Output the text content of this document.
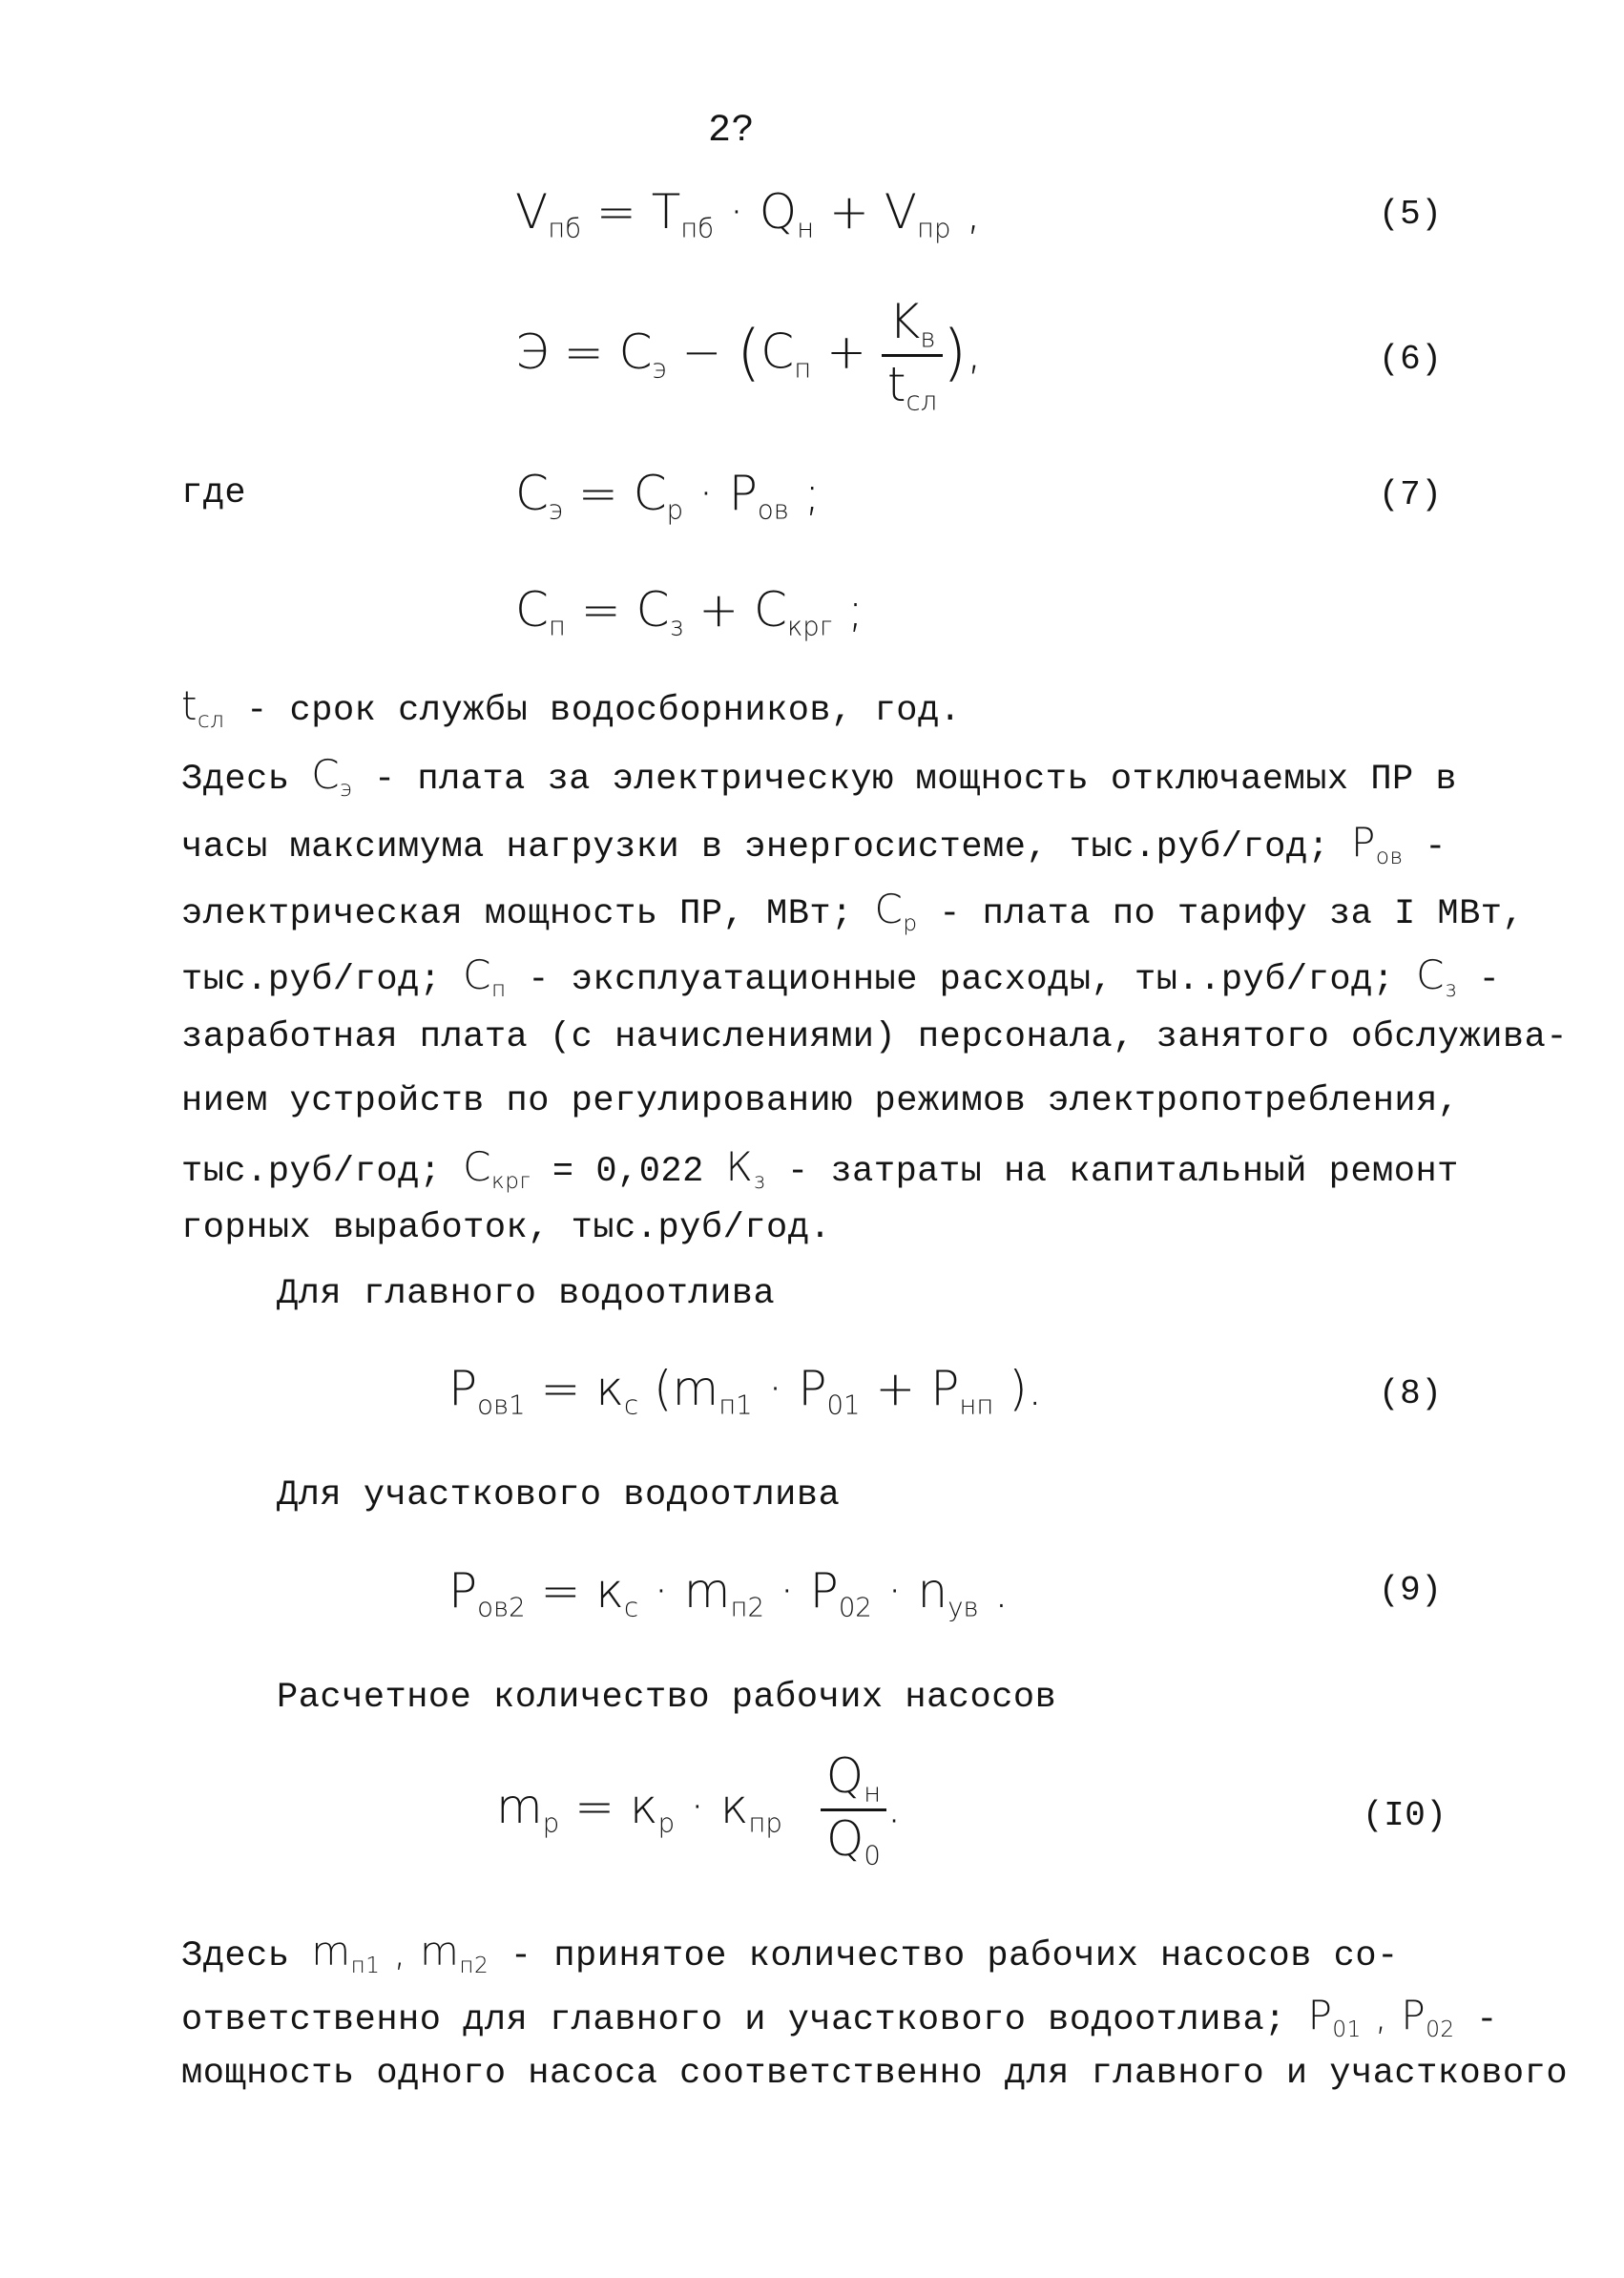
2?
$V_{пб} = T_{пб} \cdot Q_н + V_{пр}$ ,	(5)
$Э = С_э - (С_п + \frac{K_в}{t_{сл}}$ ),	(6)
где	$С_э = С_р \cdot Р_{ов}$ ;	(7)
$С_п = С_з + С_{крг}$ ;
$t_{сл}$ - срок службы водосборников, год.
Здесь $С_э$ - плата за электрическую мощность отключаемых ПР в
часы максимума нагрузки в энергосистеме, тыс.руб/год; $Р_{ов}$ -
электрическая мощность ПР, МВт; $С_р$ - плата по тарифу за I МВт,
тыс.руб/год; $С_п$ - эксплуатационные расходы, ты..руб/год; $С_з$ -
заработная плата (с начислениями) персонала, занятого обслужива-
нием устройств по регулированию режимов электропотребления,
тыс.руб/год; $С_{крг} = 0,022$ $К_з$ - затраты на капитальный ремонт
горных выработок, тыс.руб/год.
Для главного водоотлива
$Р_{ов1} = к_с$ ($m_{п1} \cdot Р_{01} + Р_{нп}$ ).	(8)
Для участкового водоотлива
$Р_{ов2} = к_с \cdot m_{п2} \cdot Р_{02} \cdot n_{ув}$ .	(9)
Расчетное количество рабочих насосов
$m_р = к_р \cdot к_{пр} \frac{Q_н}{Q_0}$ .	(I0)
Здесь $m_{п1}$ , $m_{п2}$ - принятое количество рабочих насосов со-
ответственно для главного и участкового водоотлива; $Р_{01}$ , $Р_{02}$ -
мощность одного насоса соответственно для главного и участкового
